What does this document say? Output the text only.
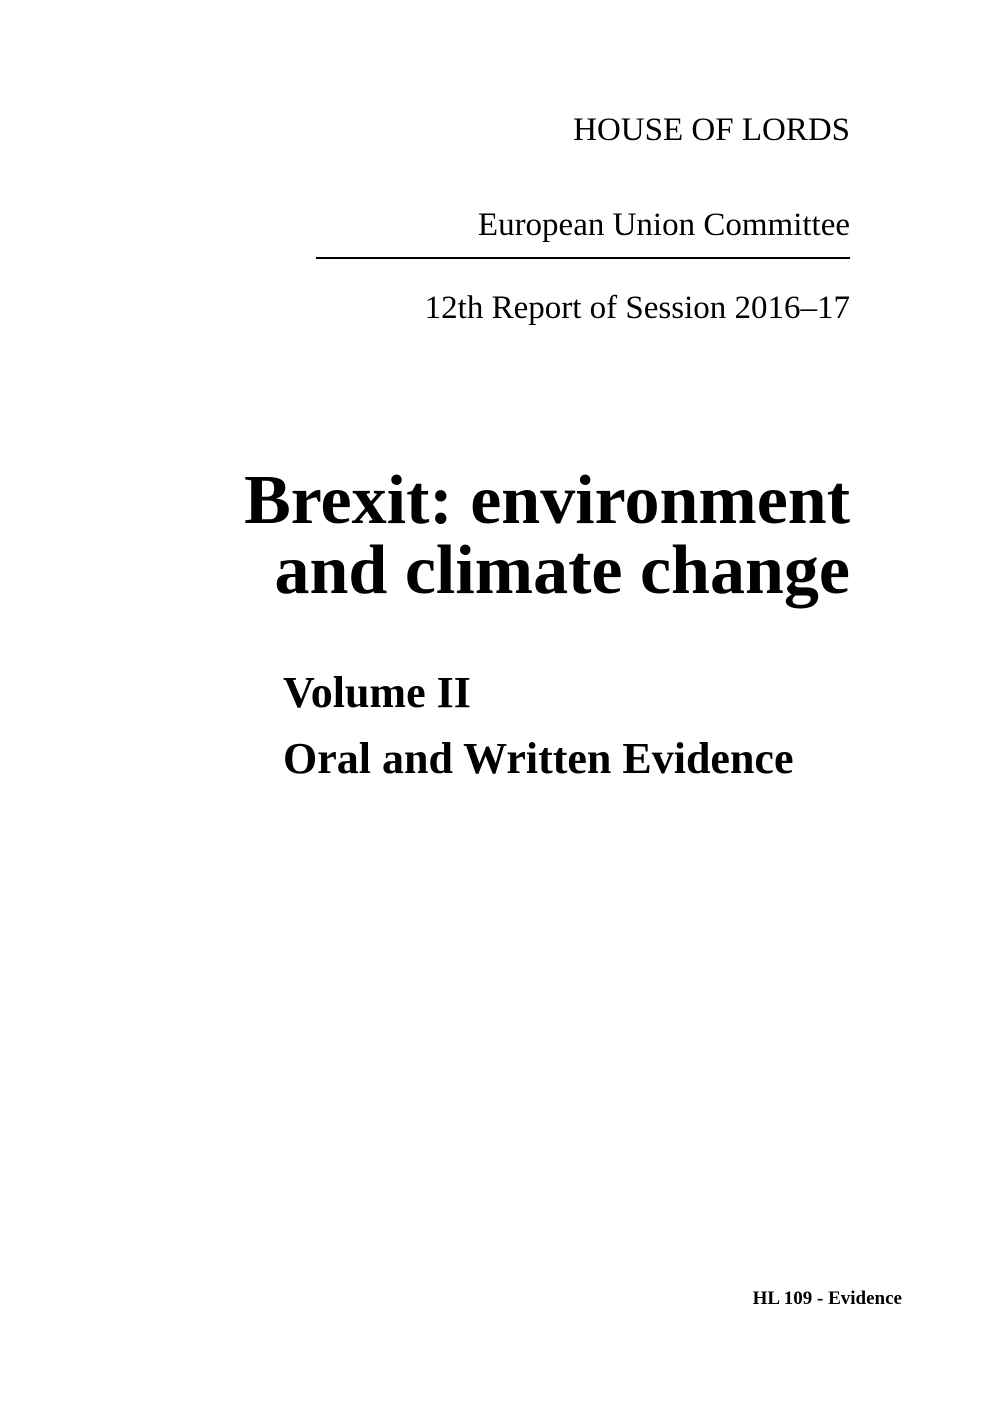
HOUSE OF LORDS
European Union Committee
12th Report of Session 2016–17
Brexit: environment
and climate change
Volume II
Oral and Written Evidence
HL 109 - Evidence
